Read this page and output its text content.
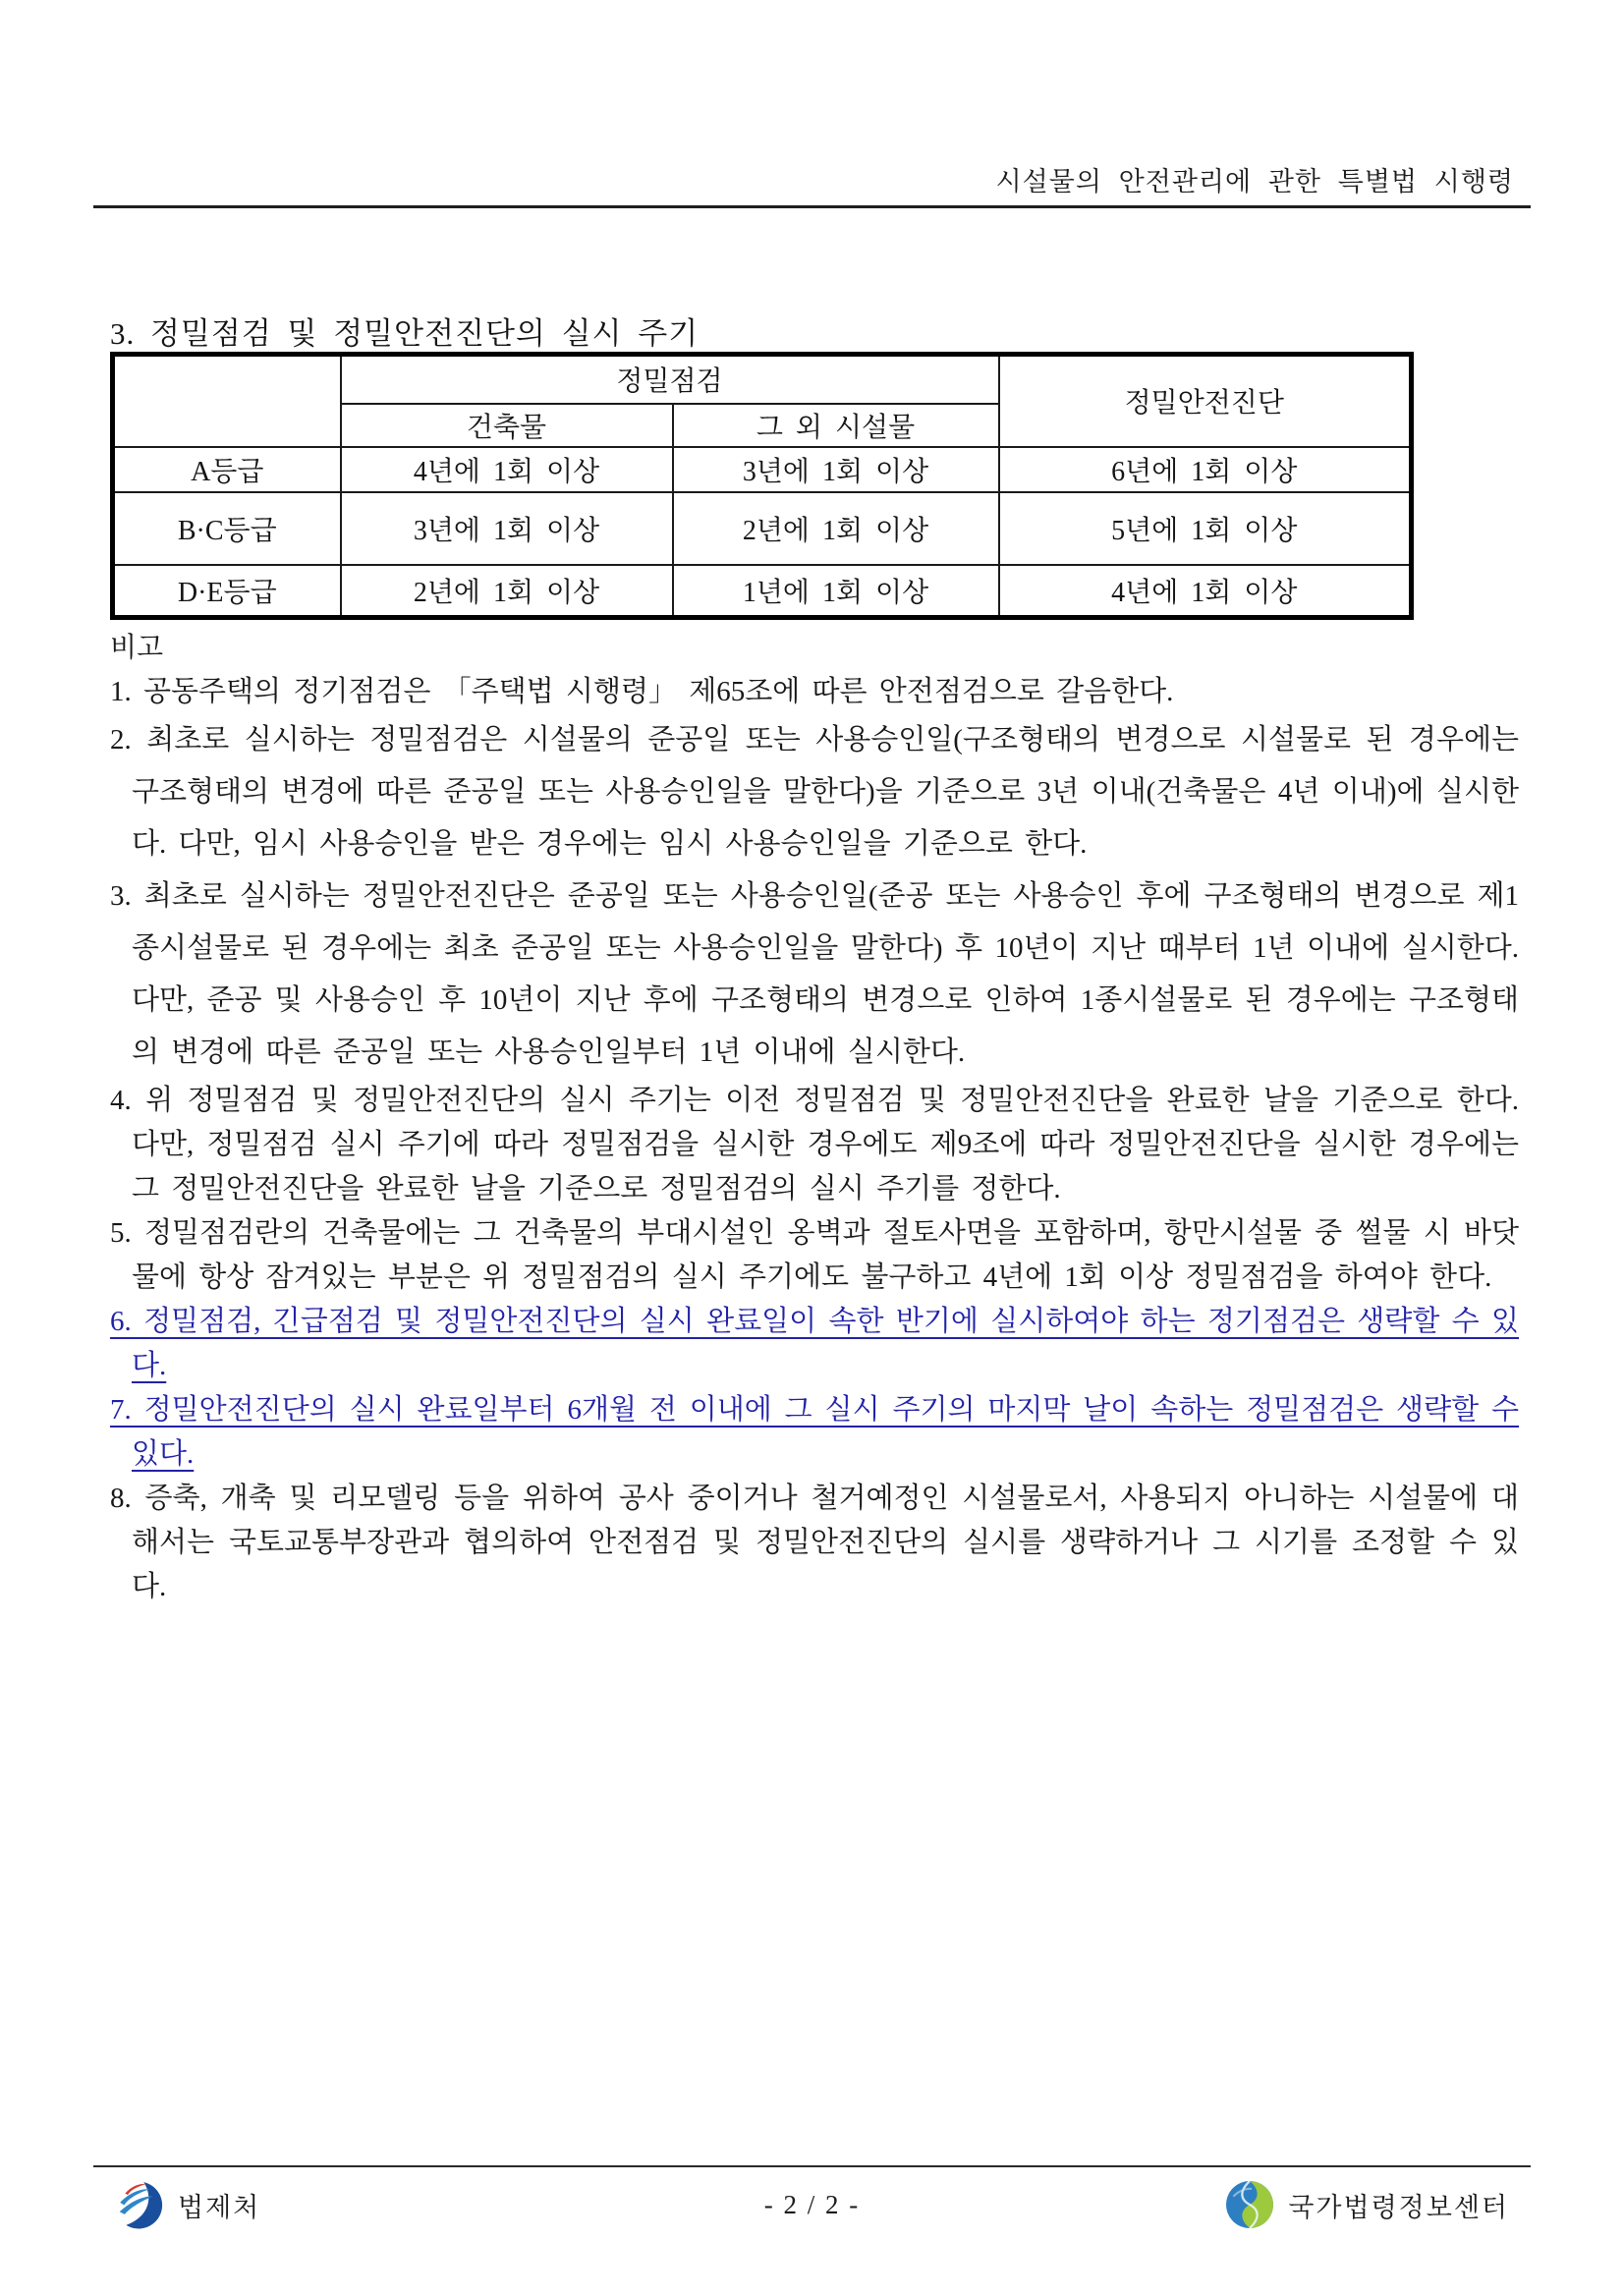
시설물의 안전관리에 관한 특별법 시행령
3. 정밀점검 및 정밀안전진단의 실시 주기
	정밀점검		정밀안전진단
	건축물	그 외 시설물	
A등급	4년에 1회 이상	3년에 1회 이상	6년에 1회 이상
B·C등급	3년에 1회 이상	2년에 1회 이상	5년에 1회 이상
D·E등급	2년에 1회 이상	1년에 1회 이상	4년에 1회 이상
비고

1. 공동주택의 정기점검은 「주택법 시행령」 제65조에 따른 안전점검으로 갈음한다.

2. 최초로 실시하는 정밀점검은 시설물의 준공일 또는 사용승인일(구조형태의 변경으로 시설물로 된 경우에는 구조형태의 변경에 따른 준공일 또는 사용승인일을 말한다)을 기준으로 3년 이내(건축물은 4년 이내)에 실시한다. 다만, 임시 사용승인을 받은 경우에는 임시 사용승인일을 기준으로 한다.

3. 최초로 실시하는 정밀안전진단은 준공일 또는 사용승인일(준공 또는 사용승인 후에 구조형태의 변경으로 제1종시설물로 된 경우에는 최초 준공일 또는 사용승인일을 말한다) 후 10년이 지난 때부터 1년 이내에 실시한다. 다만, 준공 및 사용승인 후 10년이 지난 후에 구조형태의 변경으로 인하여 1종시설물로 된 경우에는 구조형태의 변경에 따른 준공일 또는 사용승인일부터 1년 이내에 실시한다.

4. 위 정밀점검 및 정밀안전진단의 실시 주기는 이전 정밀점검 및 정밀안전진단을 완료한 날을 기준으로 한다. 다만, 정밀점검 실시 주기에 따라 정밀점검을 실시한 경우에도 제9조에 따라 정밀안전진단을 실시한 경우에는 그 정밀안전진단을 완료한 날을 기준으로 정밀점검의 실시 주기를 정한다.

5. 정밀점검란의 건축물에는 그 건축물의 부대시설인 옹벽과 절토사면을 포함하며, 항만시설물 중 썰물 시 바닷물에 항상 잠겨있는 부분은 위 정밀점검의 실시 주기에도 불구하고 4년에 1회 이상 정밀점검을 하여야 한다.

6. 정밀점검, 긴급점검 및 정밀안전진단의 실시 완료일이 속한 반기에 실시하여야 하는 정기점검은 생략할 수 있다.

7. 정밀안전진단의 실시 완료일부터 6개월 전 이내에 그 실시 주기의 마지막 날이 속하는 정밀점검은 생략할 수 있다.

8. 증축, 개축 및 리모델링 등을 위하여 공사 중이거나 철거예정인 시설물로서, 사용되지 아니하는 시설물에 대해서는 국토교통부장관과 협의하여 안전점검 및 정밀안전진단의 실시를 생략하거나 그 시기를 조정할 수 있다.

법제처	- 2 / 2 -	국가법령정보센터
